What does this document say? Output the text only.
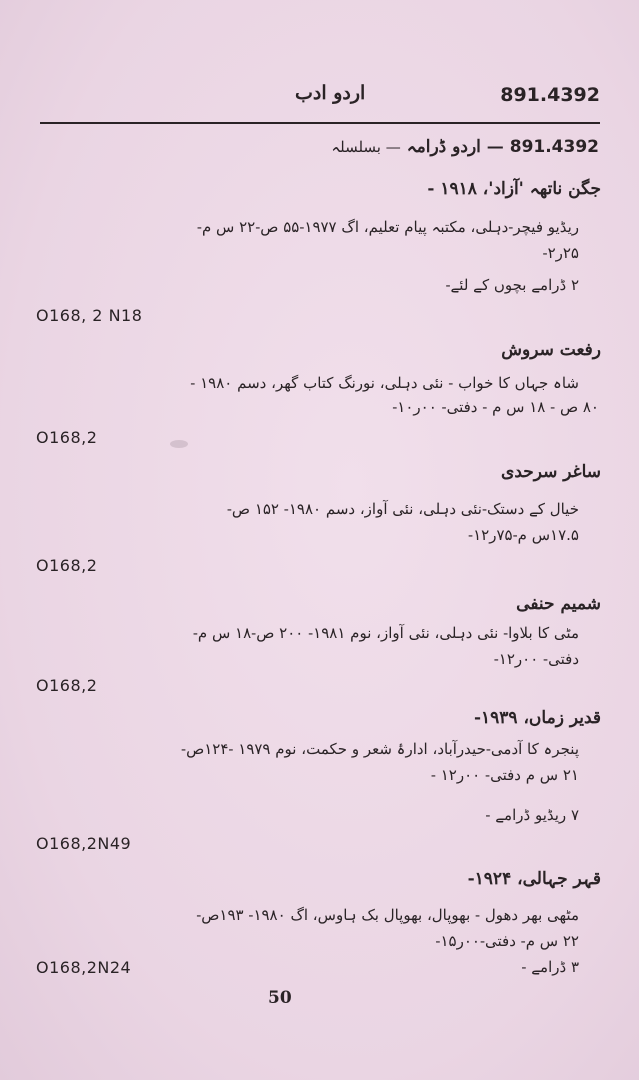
اردو ادب	891.4392
891.4392 — اردو ڈرامہ — بسلسلہ
جگن ناتھہ 'آزاد'، ۱۹۱۸ -
ریڈیو فیچر-دہلی، مکتبہ پیام تعلیم، اگ ۱۹۷۷-۵۵ ص-۲۲ س م-
۲۵ر۲-
۲ ڈرامے بچوں کے لئے-
O168, 2 N18
رفعت سروش
شاہ جہاں کا خواب - نئی دہلی، نورنگ کتاب گھر، دسم ۱۹۸۰ -
۸۰ ص - ۱۸ س م - دفتی- ۰۰ر۱۰-
O168,2
ساغر سرحدی
خیال کے دستک-نئی دہلی، نئی آواز، دسم ۱۹۸۰- ۱۵۲ ص-
۱۷.۵س م-۷۵ر۱۲-
O168,2
شمیم حنفی
مٹی کا بلاوا- نئی دہلی، نئی آواز، نوم ۱۹۸۱- ۲۰۰ ص-۱۸ س م-
دفتی- ۰۰ر۱۲-
O168,2
قدیر زماں، ۱۹۳۹-
پنجرہ کا آدمی-حیدرآباد، ادارۂ شعر و حکمت، نوم ۱۹۷۹ -۱۲۴ص-
۲۱ س م دفتی- ۰۰ر۱۲ -
۷ ریڈیو ڈرامے -
O168,2N49
قہر جہالی، ۱۹۲۴-
مٹھی بھر دھول - بھوپال، بھوپال بک ہاوس، اگ ۱۹۸۰- ۱۹۳ص-
۲۲ س م- دفتی-۰۰ر۱۵-
۳ ڈرامے -
O168,2N24
50
